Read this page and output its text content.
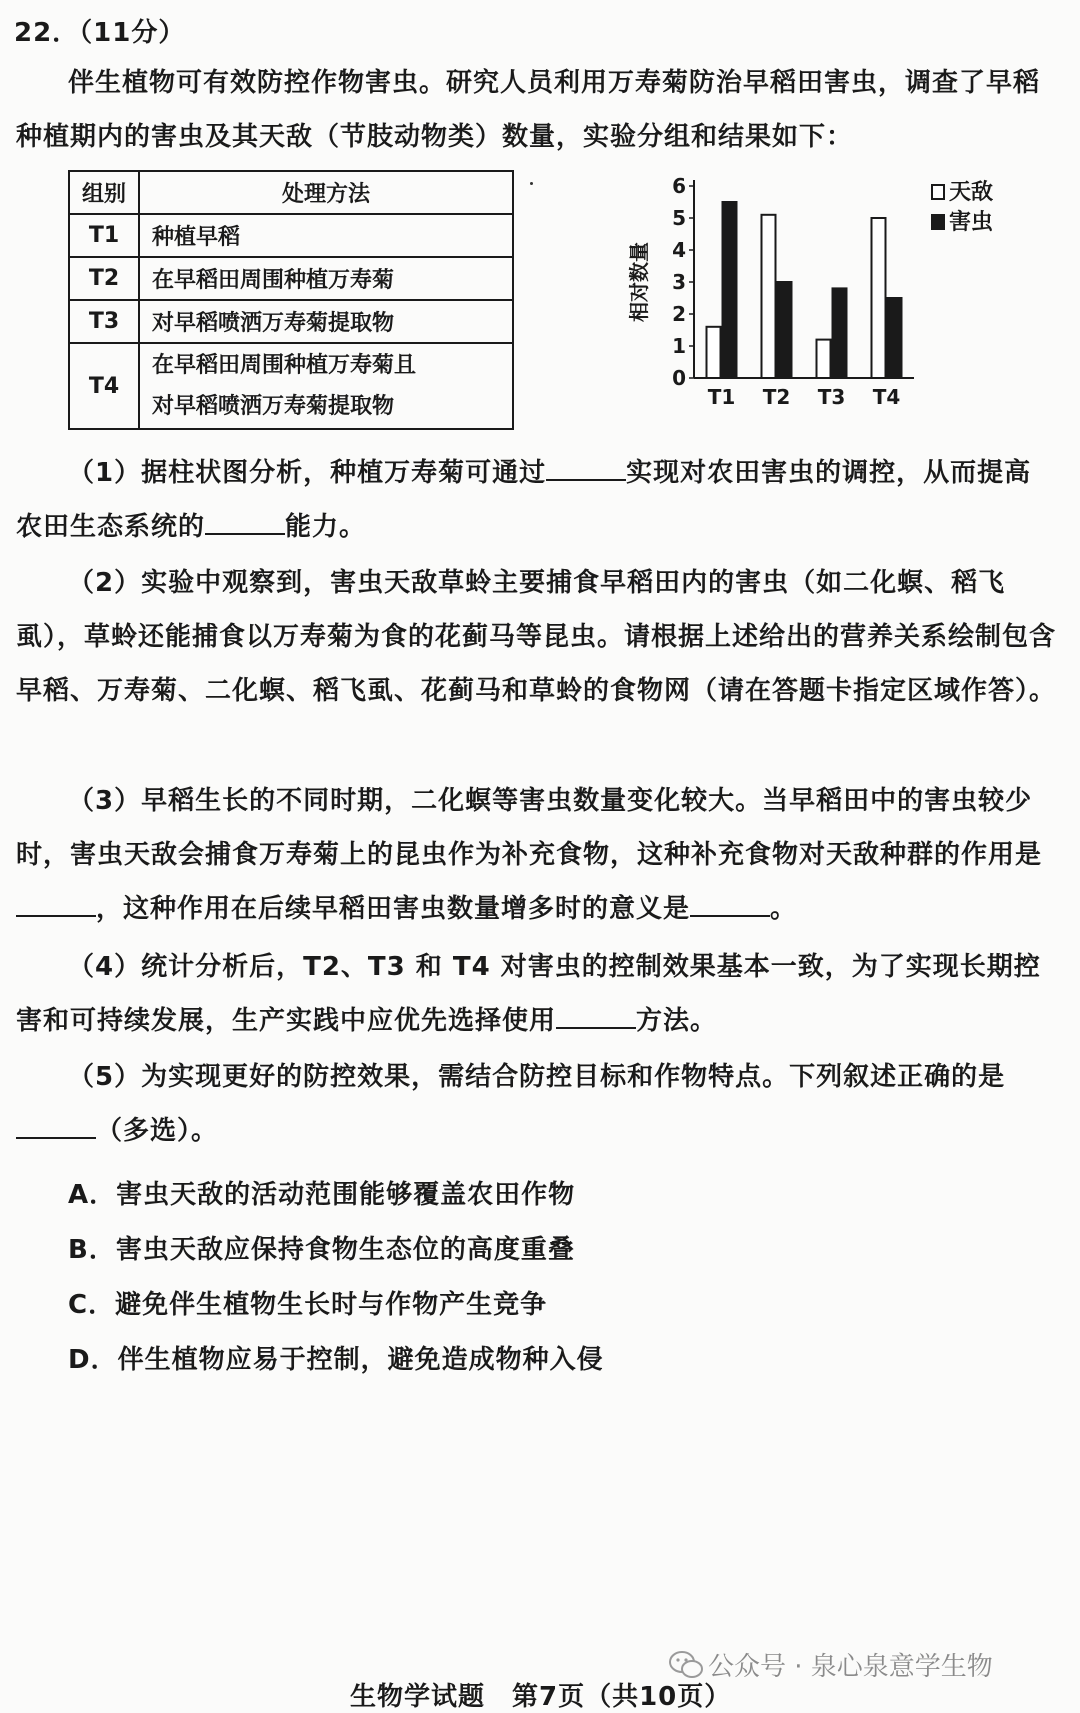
22．（11分）

伴生植物可有效防控作物害虫。研究人员利用万寿菊防治早稻田害虫，调查了早稻种植期内的害虫及其天敌（节肢动物类）数量，实验分组和结果如下：

组别	处理方法
T1	种植早稻
T2	在早稻田周围种植万寿菊
T3	对早稻喷洒万寿菊提取物
T4	在早稻田周围种植万寿菊且
对早稻喷洒万寿菊提取物
0
1
2
3
4
5
6
相对数量
T1 T2 T3 T4
天敌
害虫

（1）据柱状图分析，种植万寿菊可通过	实现对农田害虫的调控，从而提高农田生态系统的	能力。

（2）实验中观察到，害虫天敌草蛉主要捕食早稻田内的害虫（如二化螟、稻飞虱），草蛉还能捕食以万寿菊为食的花蓟马等昆虫。请根据上述给出的营养关系绘制包含早稻、万寿菊、二化螟、稻飞虱、花蓟马和草蛉的食物网（请在答题卡指定区域作答）。

（3）早稻生长的不同时期，二化螟等害虫数量变化较大。当早稻田中的害虫较少时，害虫天敌会捕食万寿菊上的昆虫作为补充食物，这种补充食物对天敌种群的作用是，这种作用在后续早稻田害虫数量增多时的意义是	。

（4）统计分析后，T2、T3 和 T4 对害虫的控制效果基本一致，为了实现长期控害和可持续发展，生产实践中应优先选择使用	方法。

（5）为实现更好的防控效果，需结合防控目标和作物特点。下列叙述正确的是（多选）。

A．害虫天敌的活动范围能够覆盖农田作物
B．害虫天敌应保持食物生态位的高度重叠
C．避免伴生植物生长时与作物产生竞争
D．伴生植物应易于控制，避免造成物种入侵
公众号 · 泉心泉意学生物
生物学试题　第7页（共10页）
